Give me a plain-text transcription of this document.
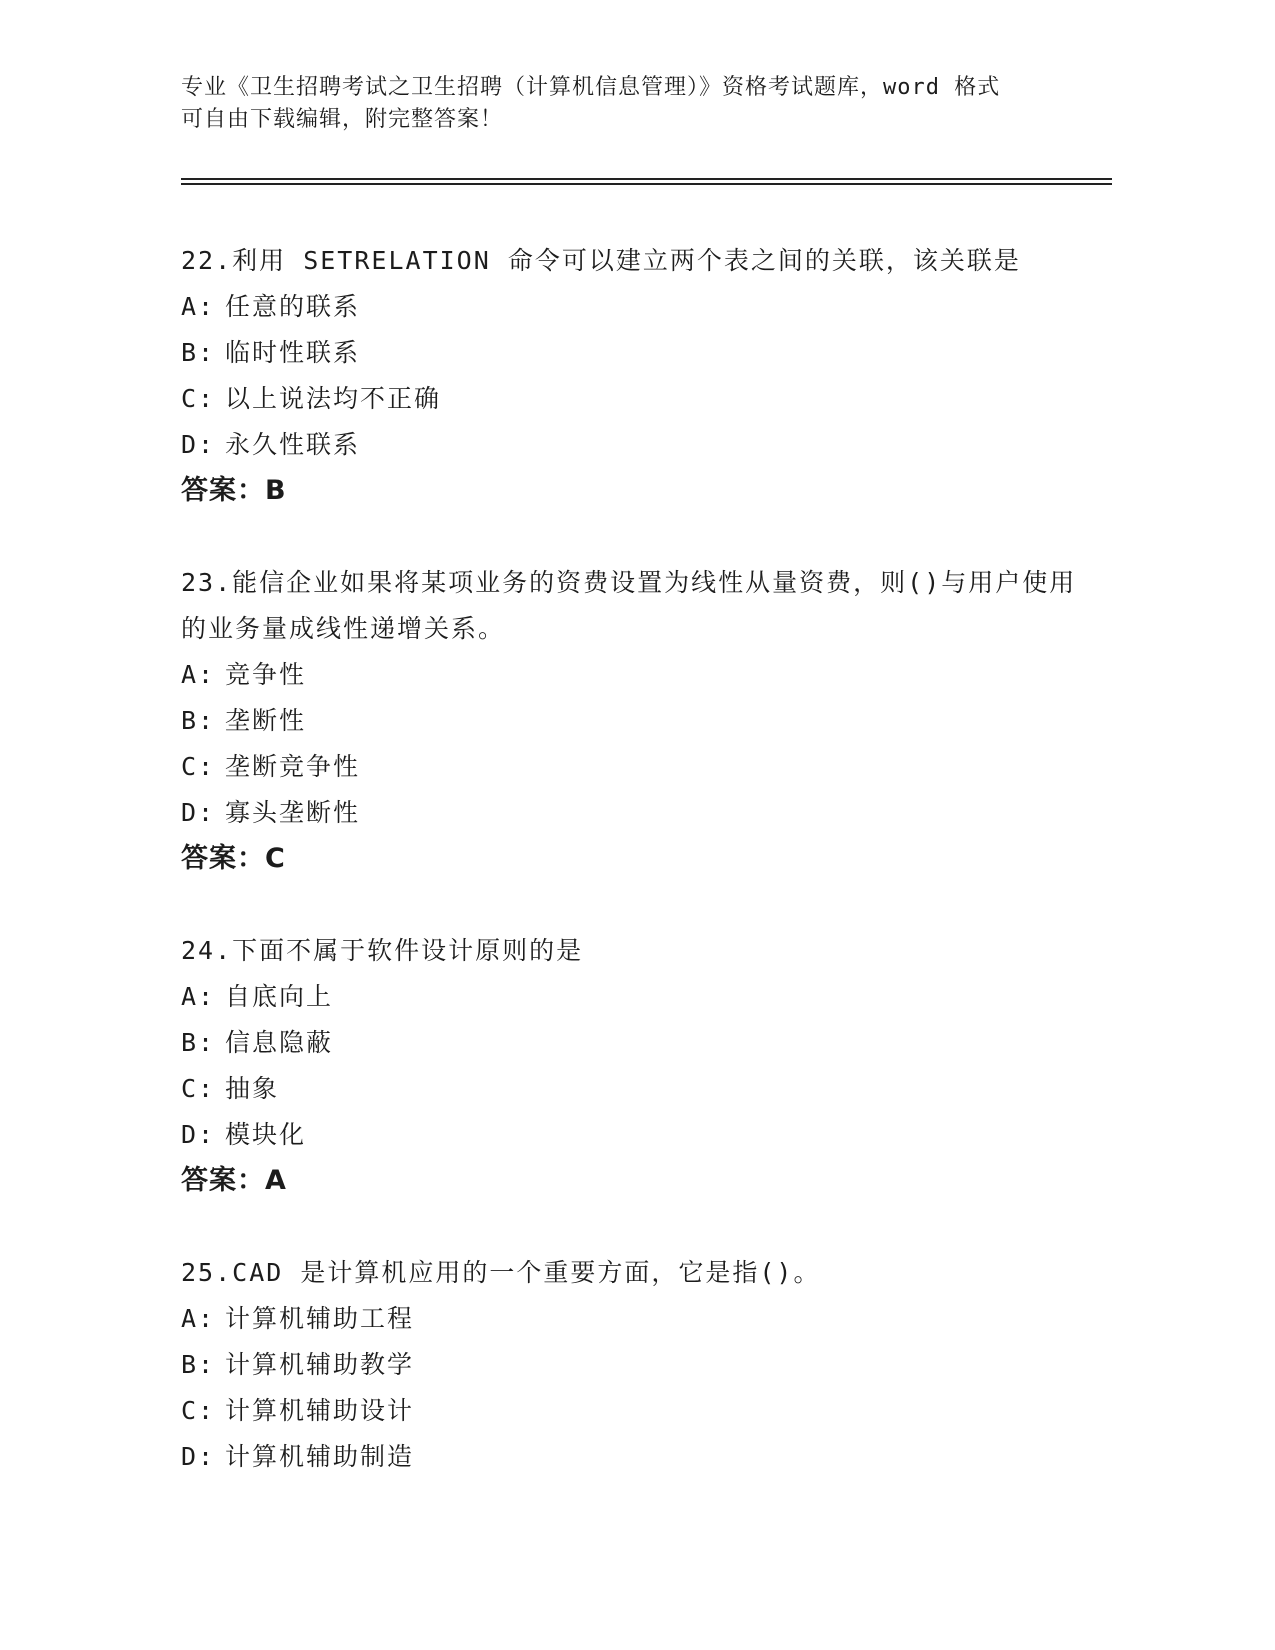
专业《卫生招聘考试之卫生招聘（计算机信息管理）》资格考试题库，word 格式
可自由下载编辑，附完整答案！
22.利用 SETRELATION 命令可以建立两个表之间的关联，该关联是
A: 任意的联系
B: 临时性联系
C: 以上说法均不正确
D: 永久性联系
答案：B
23.能信企业如果将某项业务的资费设置为线性从量资费，则()与用户使用的业务量成线性递增关系。
A: 竞争性
B: 垄断性
C: 垄断竞争性
D: 寡头垄断性
答案：C
24.下面不属于软件设计原则的是
A: 自底向上
B: 信息隐蔽
C: 抽象
D: 模块化
答案：A
25.CAD 是计算机应用的一个重要方面，它是指()。
A: 计算机辅助工程
B: 计算机辅助教学
C: 计算机辅助设计
D: 计算机辅助制造
